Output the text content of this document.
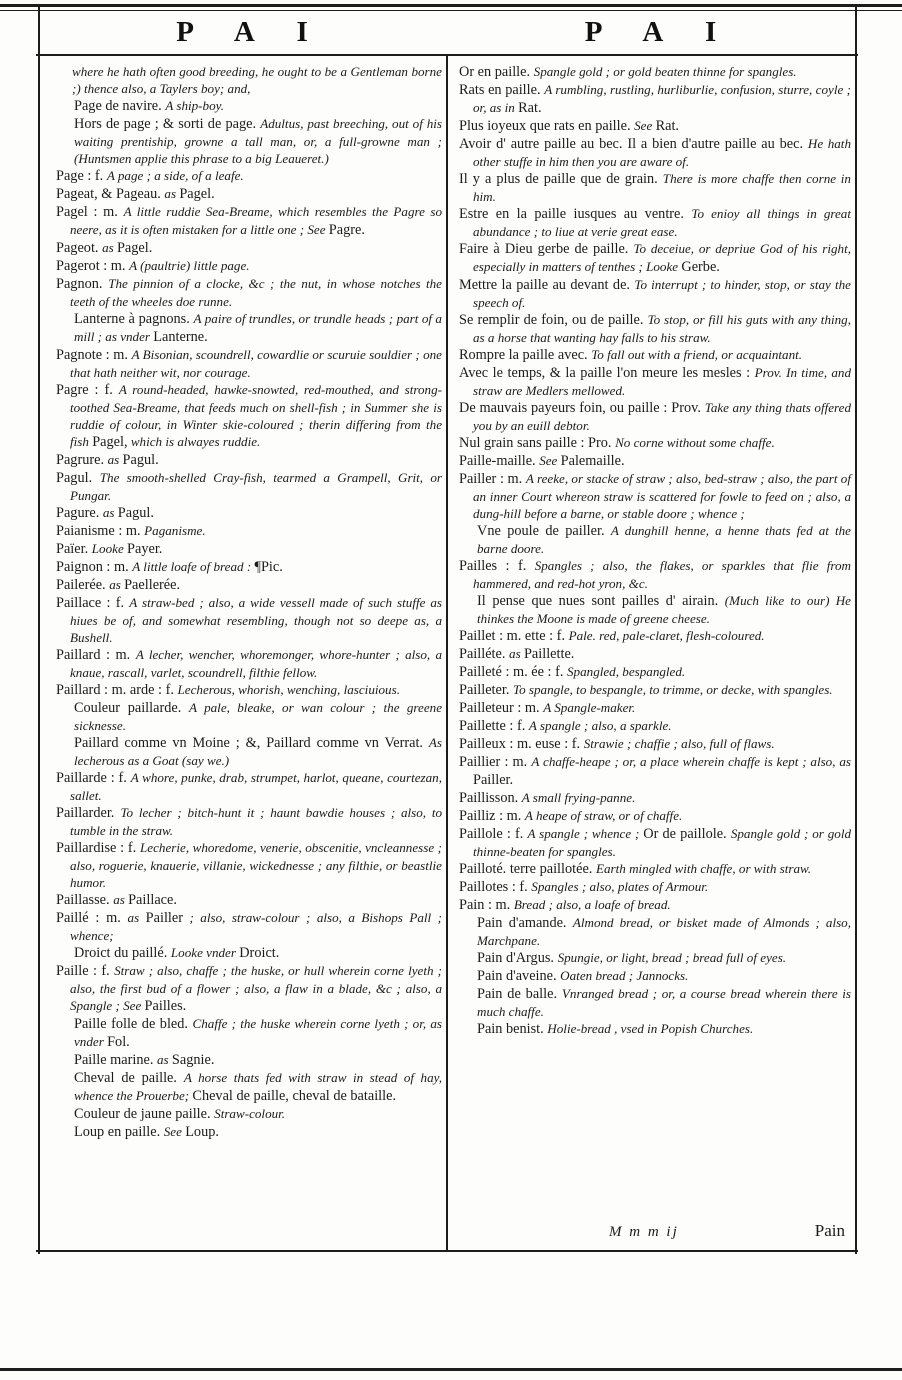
P A I	P A I

where he hath often good breeding, he ought to be a Gentleman borne ;) thence also, a Taylers boy; and,

Page de navire. A ship-boy.

Hors de page ; & sorti de page. Adultus, past breeching, out of his waiting prentiship, growne a tall man, or, a full-growne man ; (Huntsmen applie this phrase to a big Leaueret.)

Page : f. A page ; a side, of a leafe.

Pageat, & Pageau. as Pagel.

Pagel : m. A little ruddie Sea-Breame, which resembles the Pagre so neere, as it is often mistaken for a little one ; See Pagre.

Pageot. as Pagel.

Pagerot : m. A (paultrie) little page.

Pagnon. The pinnion of a clocke, &c ; the nut, in whose notches the teeth of the wheeles doe runne.

Lanterne à pagnons. A paire of trundles, or trundle heads ; part of a mill ; as vnder Lanterne.

Pagnote : m. A Bisonian, scoundrell, cowardlie or scuruie souldier ; one that hath neither wit, nor courage.

Pagre : f. A round-headed, hawke-snowted, red-mouthed, and strong-toothed Sea-Breame, that feeds much on shell-fish ; in Summer she is ruddie of colour, in Winter skie-coloured ; therin differing from the fish Pagel, which is alwayes ruddie.

Pagrure. as Pagul.

Pagul. The smooth-shelled Cray-fish, tearmed a Grampell, Grit, or Pungar.

Pagure. as Pagul.

Paianisme : m. Paganisme.

Païer. Looke Payer.

Paignon : m. A little loafe of bread : ¶Pic.

Pailerée. as Paellerée.

Paillace : f. A straw-bed ; also, a wide vessell made of such stuffe as hiues be of, and somewhat resembling, though not so deepe as, a Bushell.

Paillard : m. A lecher, wencher, whoremonger, whore-hunter ; also, a knaue, rascall, varlet, scoundrell, filthie fellow.

Paillard : m. arde : f. Lecherous, whorish, wenching, lasciuious.

Couleur paillarde. A pale, bleake, or wan colour ; the greene sicknesse.

Paillard comme vn Moine ; &, Paillard comme vn Verrat. As lecherous as a Goat (say we.)

Paillarde : f. A whore, punke, drab, strumpet, harlot, queane, courtezan, sallet.

Paillarder. To lecher ; bitch-hunt it ; haunt bawdie houses ; also, to tumble in the straw.

Paillardise : f. Lecherie, whoredome, venerie, obscenitie, vncleannesse ; also, roguerie, knauerie, villanie, wickednesse ; any filthie, or beastlie humor.

Paillasse. as Paillace.

Paillé : m. as Pailler ; also, straw-colour ; also, a Bishops Pall ; whence;

Droict du paillé. Looke vnder Droict.

Paille : f. Straw ; also, chaffe ; the huske, or hull wherein corne lyeth ; also, the first bud of a flower ; also, a flaw in a blade, &c ; also, a Spangle ; See Pailles.

Paille folle de bled. Chaffe ; the huske wherein corne lyeth ; or, as vnder Fol.

Paille marine. as Sagnie.

Cheval de paille. A horse thats fed with straw in stead of hay, whence the Prouerbe; Cheval de paille, cheval de bataille.

Couleur de jaune paille. Straw-colour.

Loup en paille. See Loup.

Or en paille. Spangle gold ; or gold beaten thinne for spangles.

Rats en paille. A rumbling, rustling, hurliburlie, confusion, sturre, coyle ; or, as in Rat.

Plus ioyeux que rats en paille. See Rat.

Avoir d' autre paille au bec. Il a bien d'autre paille au bec. He hath other stuffe in him then you are aware of.

Il y a plus de paille que de grain. There is more chaffe then corne in him.

Estre en la paille iusques au ventre. To enioy all things in great abundance ; to liue at verie great ease.

Faire à Dieu gerbe de paille. To deceiue, or depriue God of his right, especially in matters of tenthes ; Looke Gerbe.

Mettre la paille au devant de. To interrupt ; to hinder, stop, or stay the speech of.

Se remplir de foin, ou de paille. To stop, or fill his guts with any thing, as a horse that wanting hay falls to his straw.

Rompre la paille avec. To fall out with a friend, or acquaintant.

Avec le temps, & la paille l'on meure les mesles : Prov. In time, and straw are Medlers mellowed.

De mauvais payeurs foin, ou paille : Prov. Take any thing thats offered you by an euill debtor.

Nul grain sans paille : Pro. No corne without some chaffe.

Paille-maille. See Palemaille.

Pailler : m. A reeke, or stacke of straw ; also, bed-straw ; also, the part of an inner Court whereon straw is scattered for fowle to feed on ; also, a dung-hill before a barne, or stable doore ; whence ;

Vne poule de pailler. A dunghill henne, a henne thats fed at the barne doore.

Pailles : f. Spangles ; also, the flakes, or sparkles that flie from hammered, and red-hot yron, &c.

Il pense que nues sont pailles d' airain. (Much like to our) He thinkes the Moone is made of greene cheese.

Paillet : m. ette : f. Pale. red, pale-claret, flesh-coloured.

Pailléte. as Paillette.

Pailleté : m. ée : f. Spangled, bespangled.

Pailleter. To spangle, to bespangle, to trimme, or decke, with spangles.

Pailleteur : m. A Spangle-maker.

Paillette : f. A spangle ; also, a sparkle.

Pailleux : m. euse : f. Strawie ; chaffie ; also, full of flaws.

Paillier : m. A chaffe-heape ; or, a place wherein chaffe is kept ; also, as Pailler.

Paillisson. A small frying-panne.

Pailliz : m. A heape of straw, or of chaffe.

Paillole : f. A spangle ; whence ; Or de paillole. Spangle gold ; or gold thinne-beaten for spangles.

Pailloté. terre paillotée. Earth mingled with chaffe, or with straw.

Paillotes : f. Spangles ; also, plates of Armour.

Pain : m. Bread ; also, a loafe of bread.

Pain d'amande. Almond bread, or bisket made of Almonds ; also, Marchpane.

Pain d'Argus. Spungie, or light, bread ; bread full of eyes.

Pain d'aveine. Oaten bread ; Jannocks.

Pain de balle. Vnranged bread ; or, a course bread wherein there is much chaffe.

Pain benist. Holie-bread , vsed in Popish Churches.

M m m ij	Pain
